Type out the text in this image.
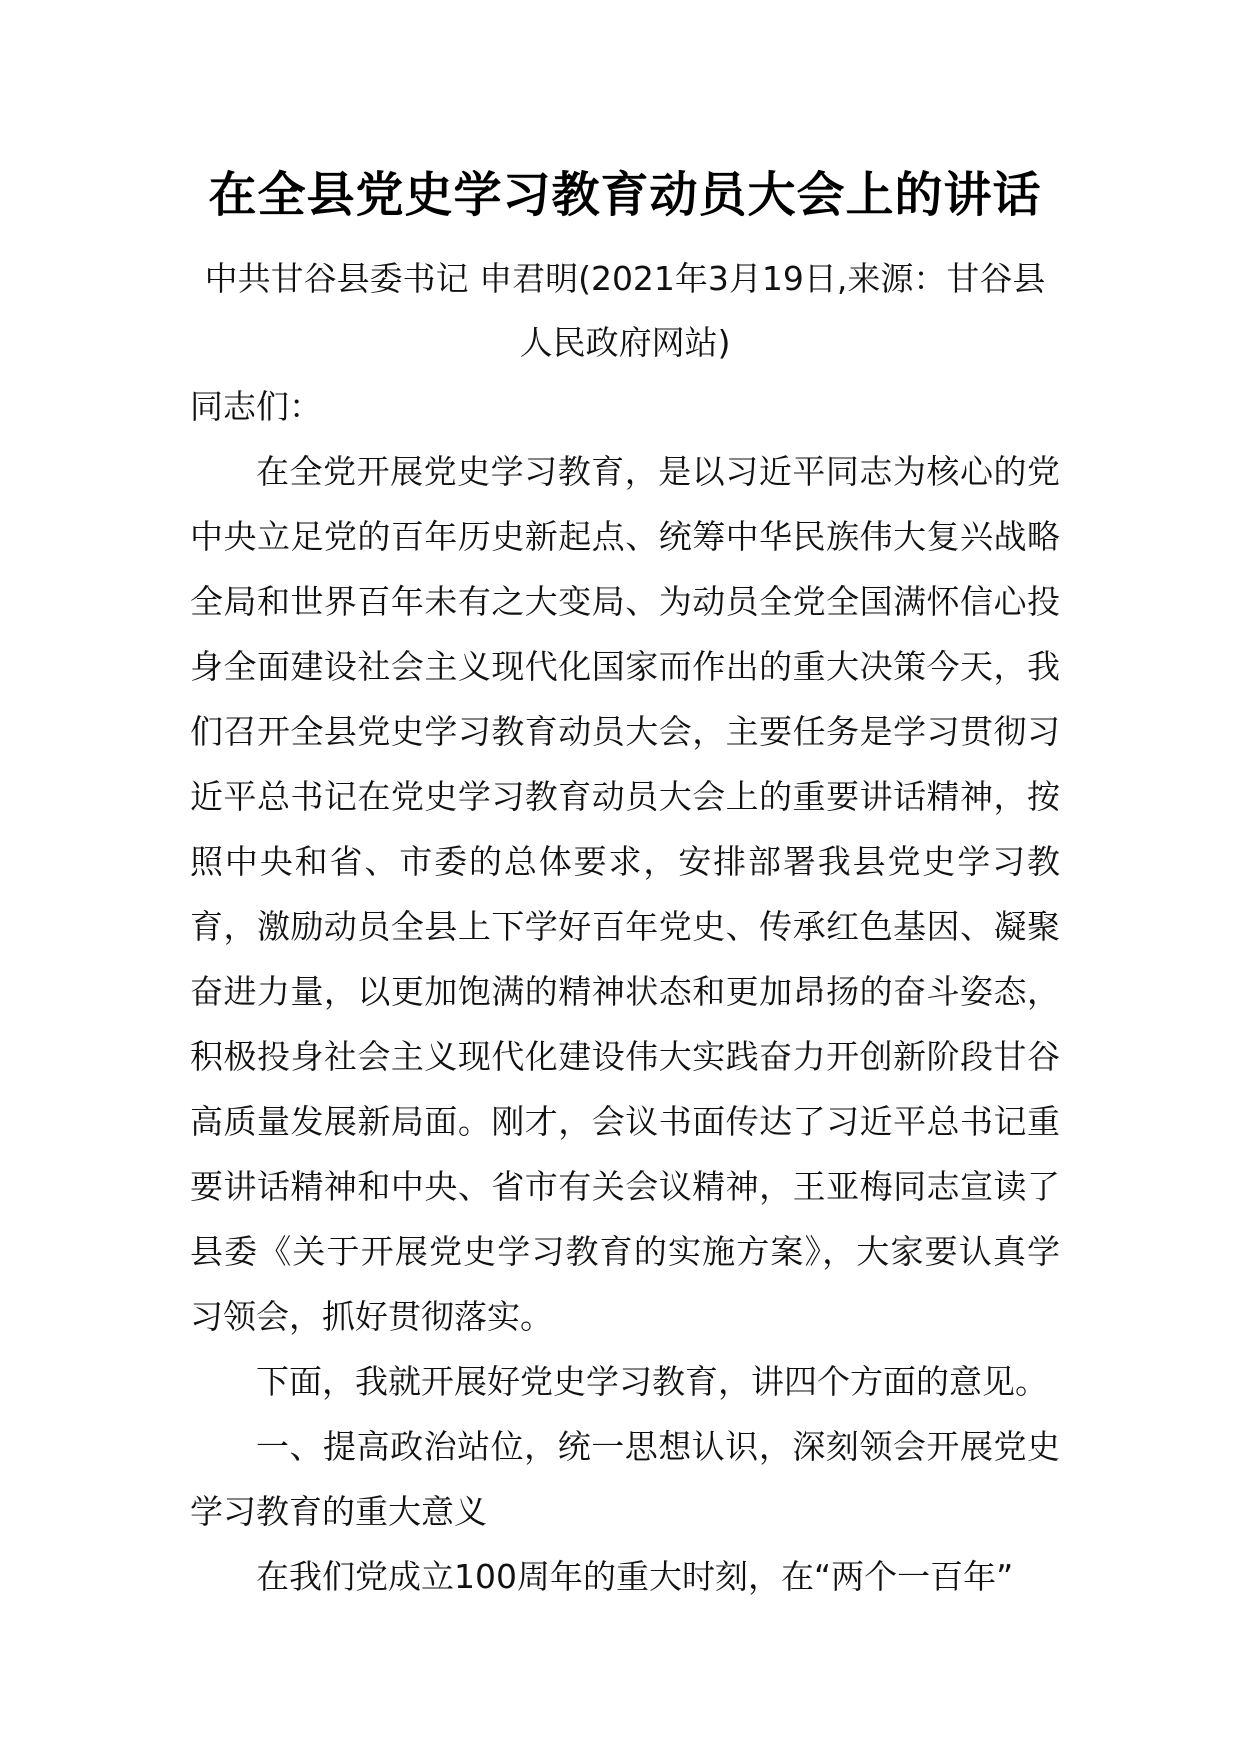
在全县党史学习教育动员大会上的讲话

中共甘谷县委书记 申君明(2021年3月19日,来源：甘谷县人民政府网站)

同志们：

在全党开展党史学习教育，是以习近平同志为核心的党中央立足党的百年历史新起点、统筹中华民族伟大复兴战略全局和世界百年未有之大变局、为动员全党全国满怀信心投身全面建设社会主义现代化国家而作出的重大决策今天，我们召开全县党史学习教育动员大会，主要任务是学习贯彻习近平总书记在党史学习教育动员大会上的重要讲话精神，按照中央和省、市委的总体要求，安排部署我县党史学习教育，激励动员全县上下学好百年党史、传承红色基因、凝聚奋进力量，以更加饱满的精神状态和更加昂扬的奋斗姿态，积极投身社会主义现代化建设伟大实践奋力开创新阶段甘谷高质量发展新局面。刚才，会议书面传达了习近平总书记重要讲话精神和中央、省市有关会议精神，王亚梅同志宣读了县委《关于开展党史学习教育的实施方案》，大家要认真学习领会，抓好贯彻落实。

下面，我就开展好党史学习教育，讲四个方面的意见。

一、提高政治站位，统一思想认识，深刻领会开展党史学习教育的重大意义

在我们党成立100周年的重大时刻，在“两个一百年”
